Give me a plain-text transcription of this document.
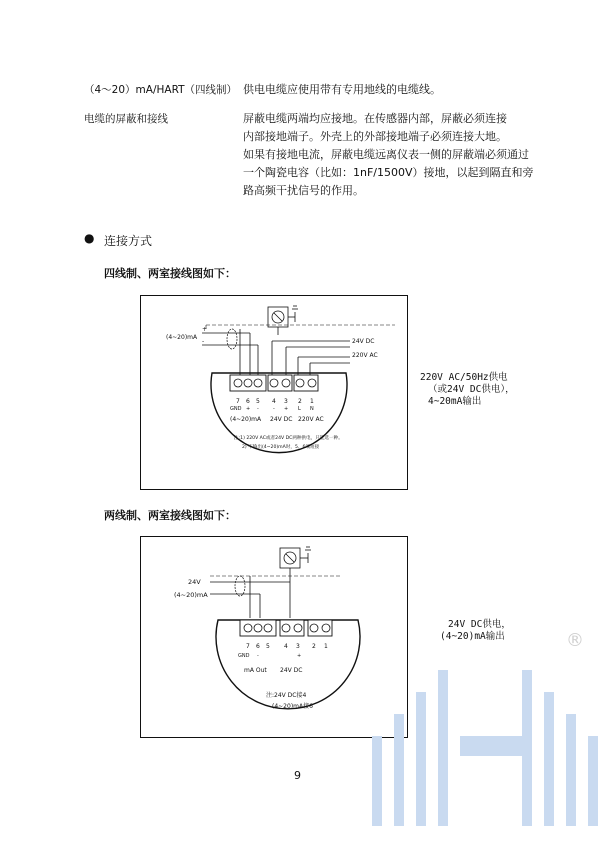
（4～20）mA/HART（四线制） 供电电缆应使用带有专用地线的电缆线。
电缆的屏蔽和接线	屏蔽电缆两端均应接地。在传感器内部，屏蔽必须连接
内部接地端子。外壳上的外部接地端子必须连接大地。
如果有接地电流，屏蔽电缆远离仪表一侧的屏蔽端必须通过
一个陶瓷电容（比如：1nF/1500V）接地，以起到隔直和旁
路高频干扰信号的作用。
● 连接方式
四线制、两室接线图如下：
(4~20)mA
+
-	24V DC
220V AC
7 6 5 4 3 2 1
GND + -	- + L N
(4~20)mA 24V DC 220V AC
注:1) 220V AC或者24V DC两种供电，只能选一种。
2) 不输出(4~20)mA时，5、6端短接
220V AC/50Hz供电
（或24V DC供电），
4~20mA输出
两线制、两室接线图如下：
24V
(4~20)mA
7 6 5 4 3 2 1
GND -	+
mA Out 24V DC
注:24V DC接4
(4~20)mA接6
24V DC供电，
(4~20)mA输出	®
9
